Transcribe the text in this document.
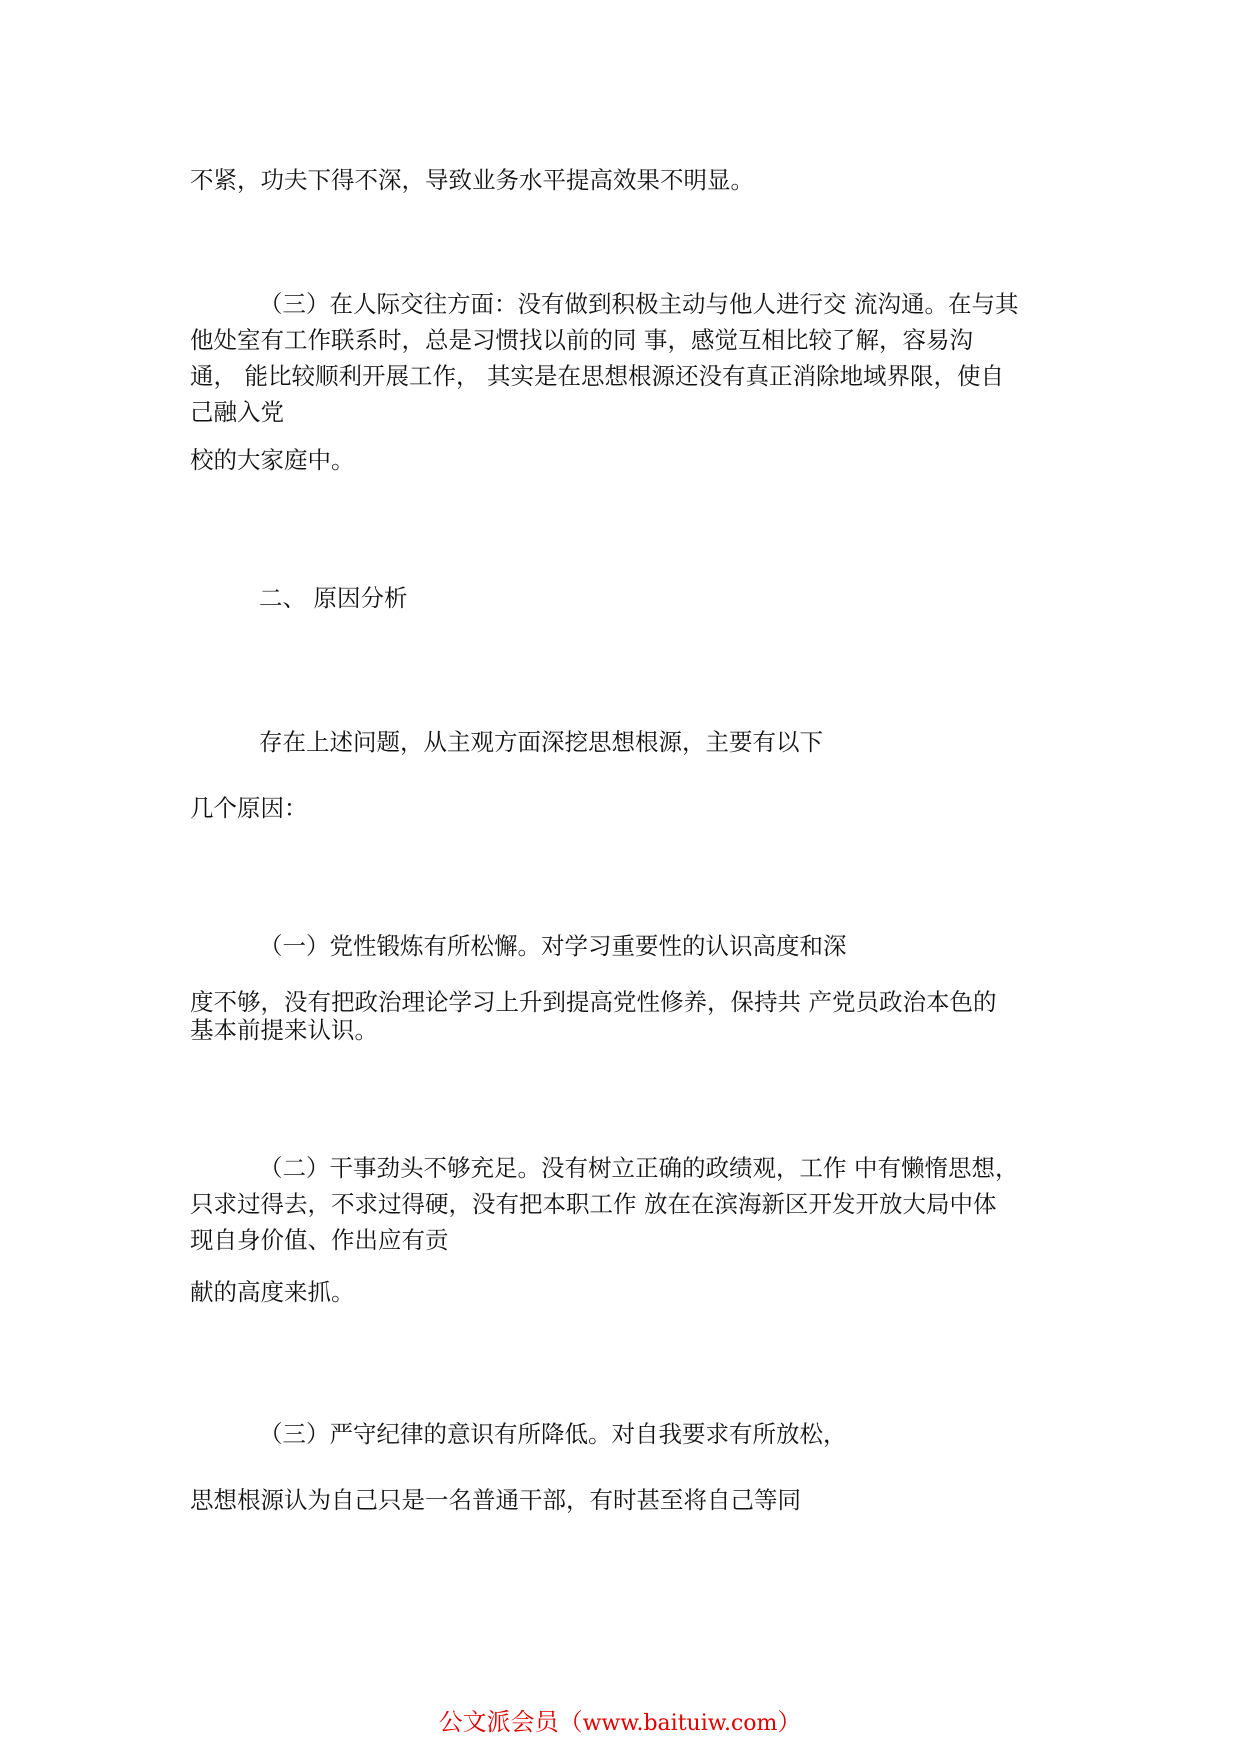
不紧，功夫下得不深，导致业务水平提高效果不明显。
（三）在人际交往方面：没有做到积极主动与他人进行交 流沟通。在与其
他处室有工作联系时，总是习惯找以前的同 事，感觉互相比较了解，容易沟
通， 能比较顺利开展工作， 其实是在思想根源还没有真正消除地域界限，使自
己融入党
校的大家庭中。
二、 原因分析
存在上述问题，从主观方面深挖思想根源，主要有以下
几个原因：
（一）党性锻炼有所松懈。对学习重要性的认识高度和深
度不够，没有把政治理论学习上升到提高党性修养，保持共 产党员政治本色的
基本前提来认识。
（二）干事劲头不够充足。没有树立正确的政绩观，工作 中有懒惰思想，
只求过得去，不求过得硬，没有把本职工作 放在在滨海新区开发开放大局中体
现自身价值、作出应有贡
献的高度来抓。
（三）严守纪律的意识有所降低。对自我要求有所放松，
思想根源认为自己只是一名普通干部，有时甚至将自己等同
公文派会员（www.baituiw.com）
